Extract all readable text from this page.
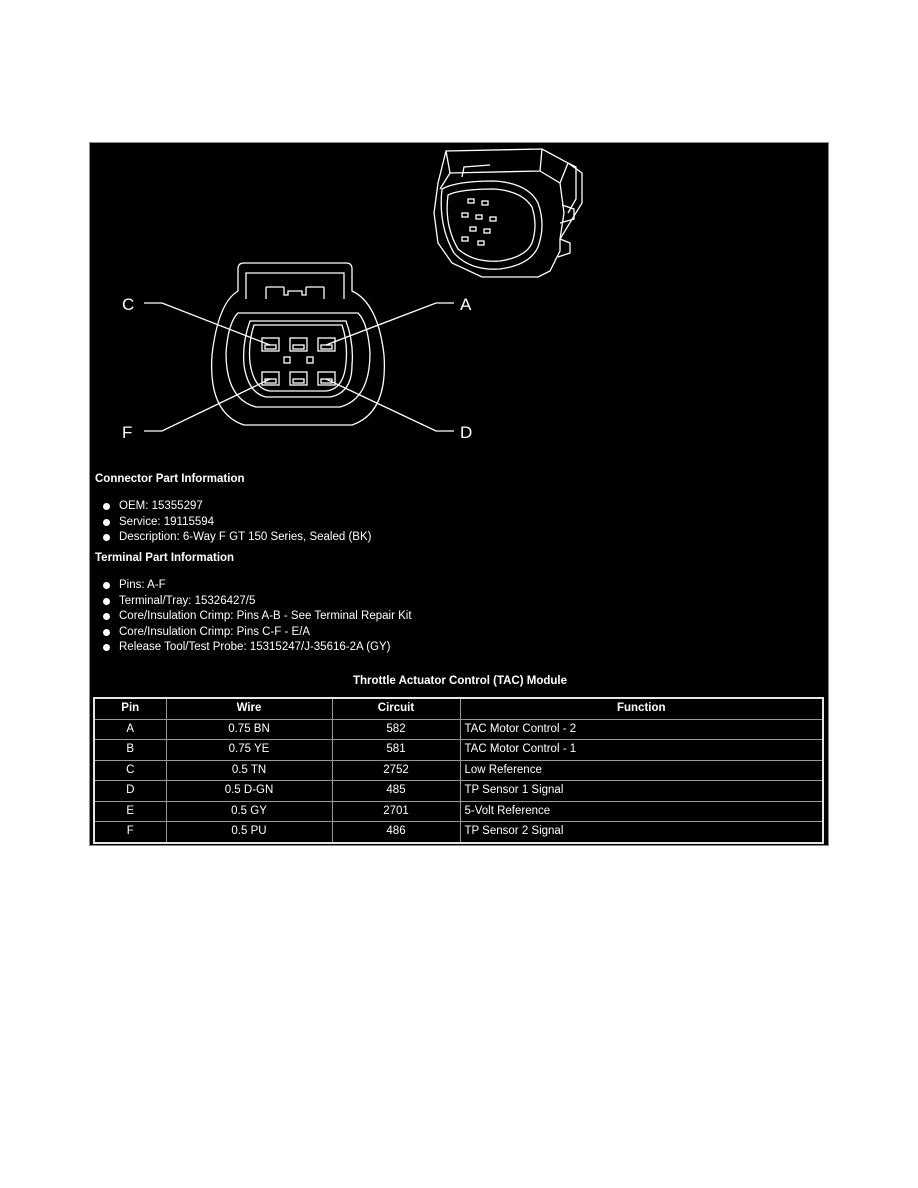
C	A
F	D
Connector Part Information
OEM: 15355297
Service: 19115594
Description: 6-Way F GT 150 Series, Sealed (BK)
Terminal Part Information
Pins: A-F
Terminal/Tray: 15326427/5
Core/Insulation Crimp: Pins A-B - See Terminal Repair Kit
Core/Insulation Crimp: Pins C-F - E/A
Release Tool/Test Probe: 15315247/J-35616-2A (GY)
Throttle Actuator Control (TAC) Module
Pin	Wire	Circuit	Function
A	0.75 BN	582	TAC Motor Control - 2
B	0.75 YE	581	TAC Motor Control - 1
C	0.5 TN	2752	Low Reference
D	0.5 D-GN	485	TP Sensor 1 Signal
E	0.5 GY	2701	5-Volt Reference
F	0.5 PU	486	TP Sensor 2 Signal
